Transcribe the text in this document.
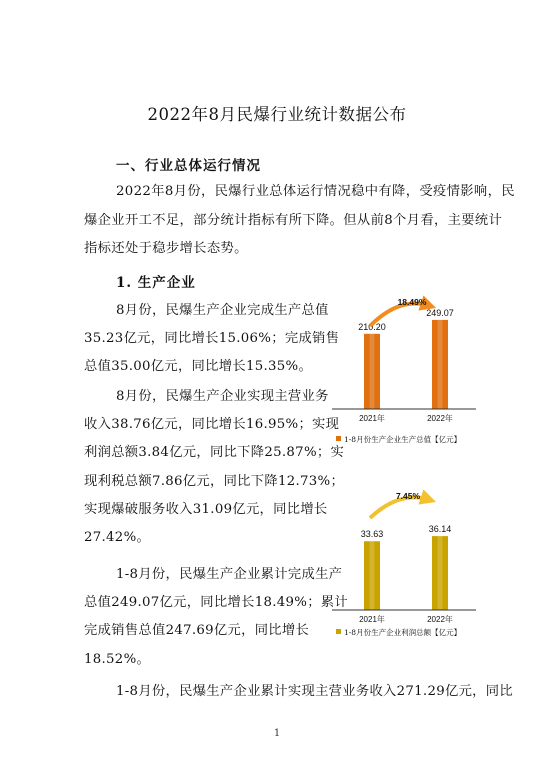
2022年8月民爆行业统计数据公布
一、行业总体运行情况
2022年8月份，民爆行业总体运行情况稳中有降，受疫情影响，民
爆企业开工不足，部分统计指标有所下降。但从前8个月看，主要统计
指标还处于稳步增长态势。
1. 生产企业
8月份，民爆生产企业完成生产总值
35.23亿元，同比增长15.06%；完成销售
总值35.00亿元，同比增长15.35%。
8月份，民爆生产企业实现主营业务
收入38.76亿元，同比增长16.95%；实现
利润总额3.84亿元，同比下降25.87%；实
现利税总额7.86亿元，同比下降12.73%；
实现爆破服务收入31.09亿元，同比增长
27.42%。
1-8月份，民爆生产企业累计完成生产
总值249.07亿元，同比增长18.49%；累计
完成销售总值247.69亿元，同比增长
18.52%。
1-8月份，民爆生产企业累计实现主营业务收入271.29亿元，同比
210.20
2021年
249.07
2022年
18.49%
1-8月份生产企业生产总值【亿元】
33.63
2021年
36.14
2022年
7.45%
1-8月份生产企业利润总额【亿元】
1
